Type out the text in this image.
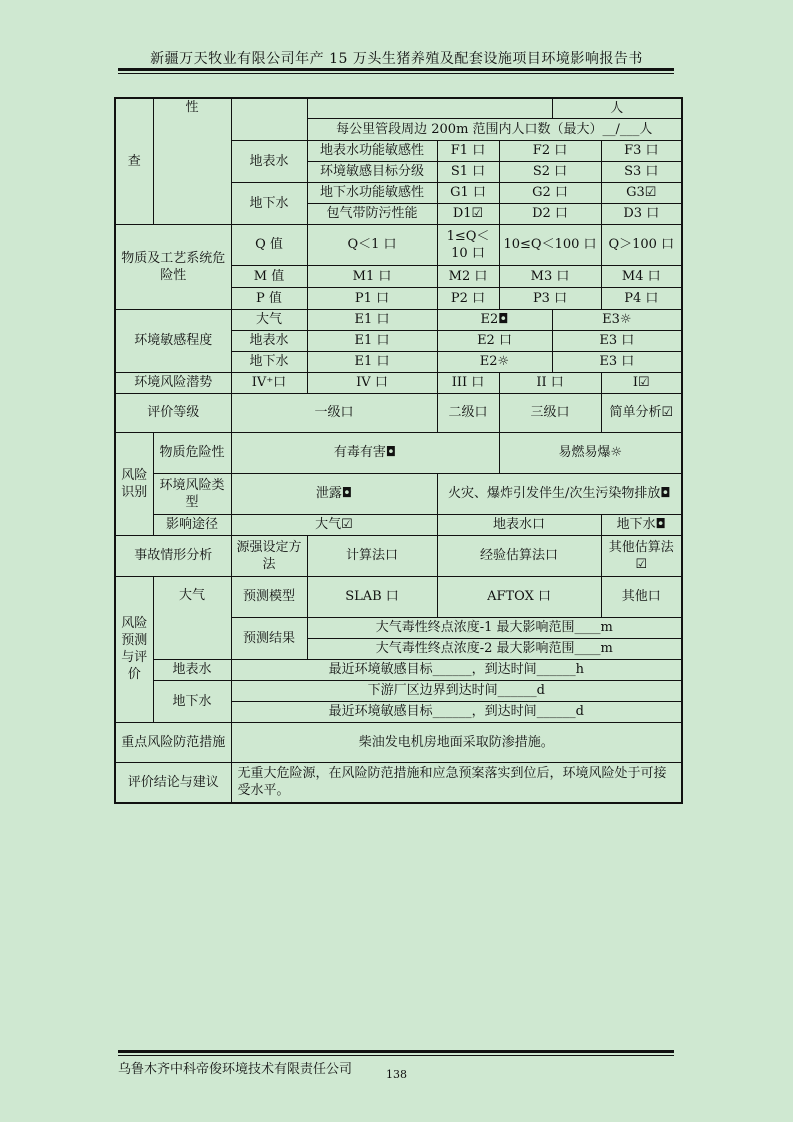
新疆万天牧业有限公司年产 15 万头生猪养殖及配套设施项目环境影响报告书
查	性					人	
			每公里管段周边 200m 范围内人口数（最大）__/___人				
		地表水	地表水功能敏感性	F1 口	F2 口		F3 口
			环境敏感目标分级	S1 口	S2 口		S3 口
		地下水	地下水功能敏感性	G1 口	G2 口		G3☑
			包气带防污性能	D1☑	D2 口		D3 口
物质及工艺系统危险性		Q 值	Q＜1 口	1≤Q＜10 口	10≤Q＜100 口		Q＞100 口
		M 值	M1 口	M2 口	M3 口		M4 口
		P 值	P1 口	P2 口	P3 口		P4 口
环境敏感程度		大气	E1 口	E2◘		E3☼	
		地表水	E1 口	E2 口		E3 口	
		地下水	E1 口	E2☼		E3 口	
环境风险潜势		IV⁺口	IV 口	III 口	II 口		I☑
评价等级		一级口		二级口	三级口		简单分析☑
风险识别	物质危险性	有毒有害◘			易燃易爆☼		
	环境风险类型	泄露◘		火灾、爆炸引发伴生/次生污染物排放◘			
	影响途径	大气☑		地表水口			地下水◘
事故情形分析		源强设定方法	计算法口	经验估算法口			其他估算法☑
风险预测与评价	大气	预测模型	SLAB 口	AFTOX 口			其他口
		预测结果	大气毒性终点浓度-1 最大影响范围____m				
			大气毒性终点浓度-2 最大影响范围____m				
	地表水	最近环境敏感目标______，到达时间______h					
	地下水	下游厂区边界到达时间______d					
		最近环境敏感目标______，到达时间______d					

重点风险防范措施		柴油发电机房地面采取防渗措施。					
评价结论与建议		无重大危险源，在风险防范措施和应急预案落实到位后，环境风险处于可接受水平。					
乌鲁木齐中科帝俊环境技术有限责任公司	138
